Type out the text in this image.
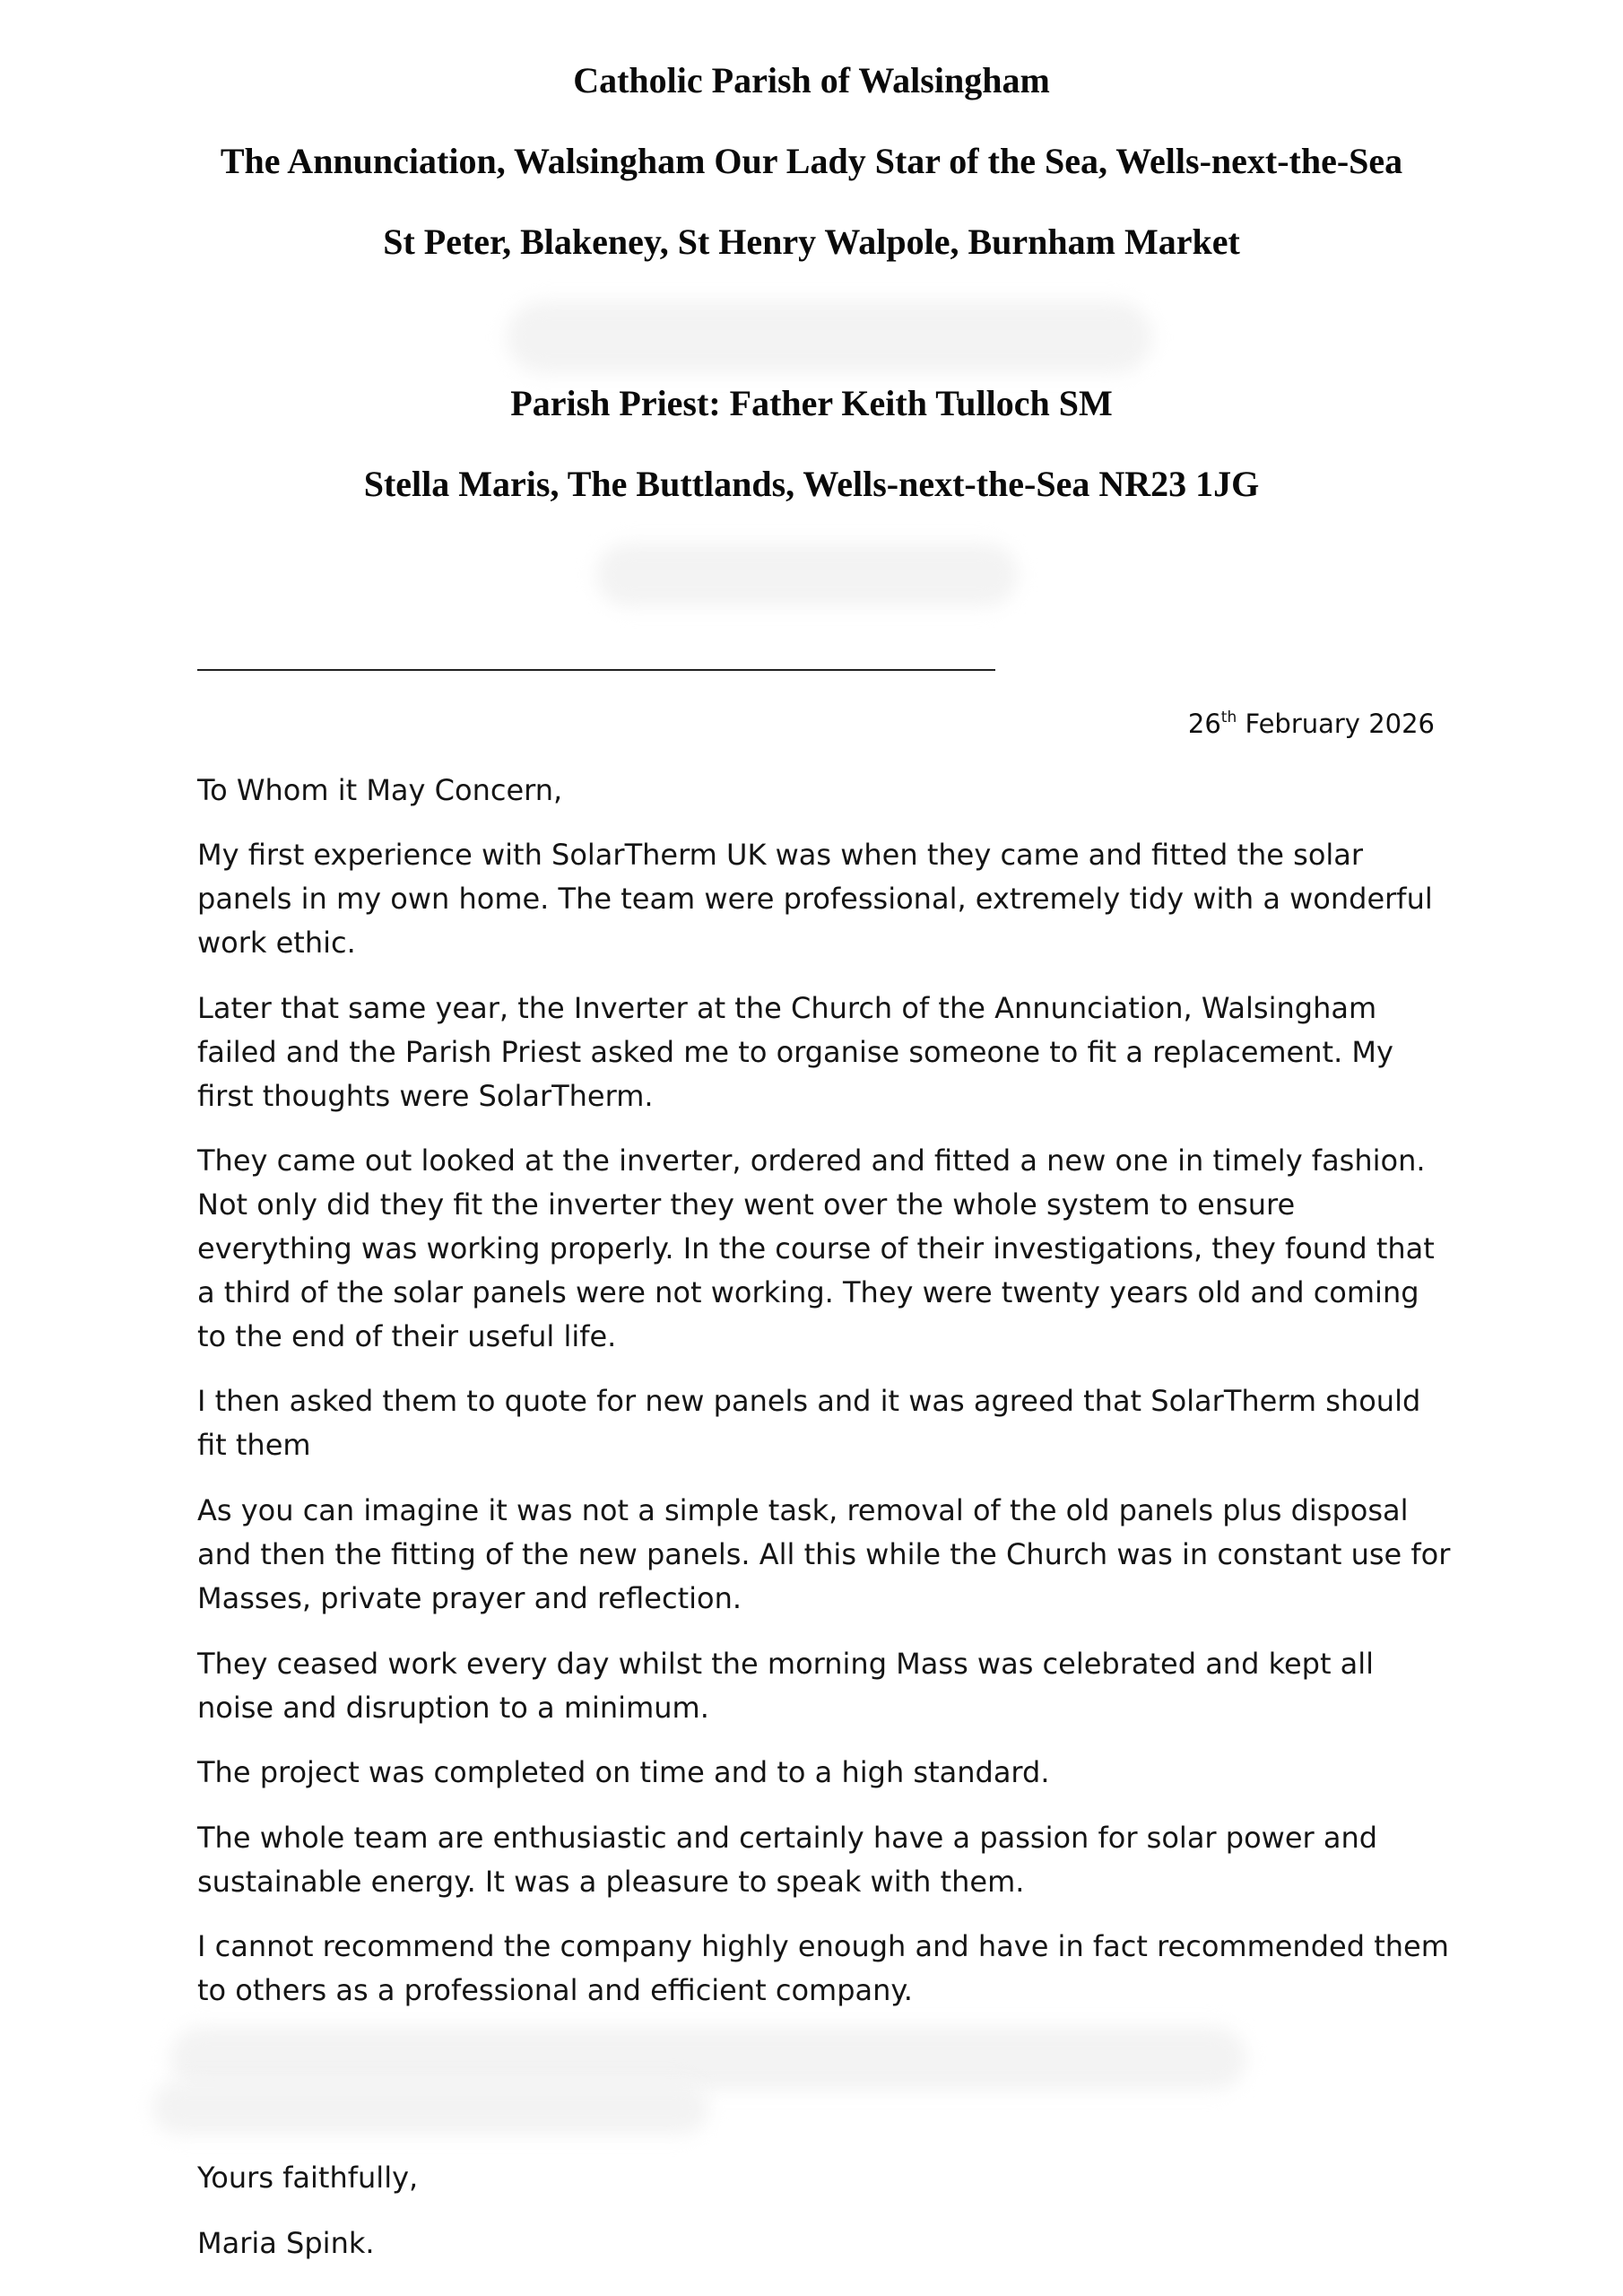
Catholic Parish of Walsingham
The Annunciation, Walsingham Our Lady Star of the Sea, Wells-next-the-Sea
St Peter, Blakeney, St Henry Walpole, Burnham Market
Parish Priest: Father Keith Tulloch SM
Stella Maris, The Buttlands, Wells-next-the-Sea NR23 1JG
26th February 2026

To Whom it May Concern,

My first experience with SolarTherm UK was when they came and fitted the solar panels in my own home. The team were professional, extremely tidy with a wonderful work ethic.

Later that same year, the Inverter at the Church of the Annunciation, Walsingham failed and the Parish Priest asked me to organise someone to fit a replacement. My first thoughts were SolarTherm.

They came out looked at the inverter, ordered and fitted a new one in timely fashion. Not only did they fit the inverter they went over the whole system to ensure everything was working properly. In the course of their investigations, they found that a third of the solar panels were not working. They were twenty years old and coming to the end of their useful life.

I then asked them to quote for new panels and it was agreed that SolarTherm should fit them

As you can imagine it was not a simple task, removal of the old panels plus disposal and then the fitting of the new panels. All this while the Church was in constant use for Masses, private prayer and reflection.

They ceased work every day whilst the morning Mass was celebrated and kept all noise and disruption to a minimum.

The project was completed on time and to a high standard.

The whole team are enthusiastic and certainly have a passion for solar power and sustainable energy. It was a pleasure to speak with them.

I cannot recommend the company highly enough and have in fact recommended them to others as a professional and efficient company.

Yours faithfully,

Maria Spink.
